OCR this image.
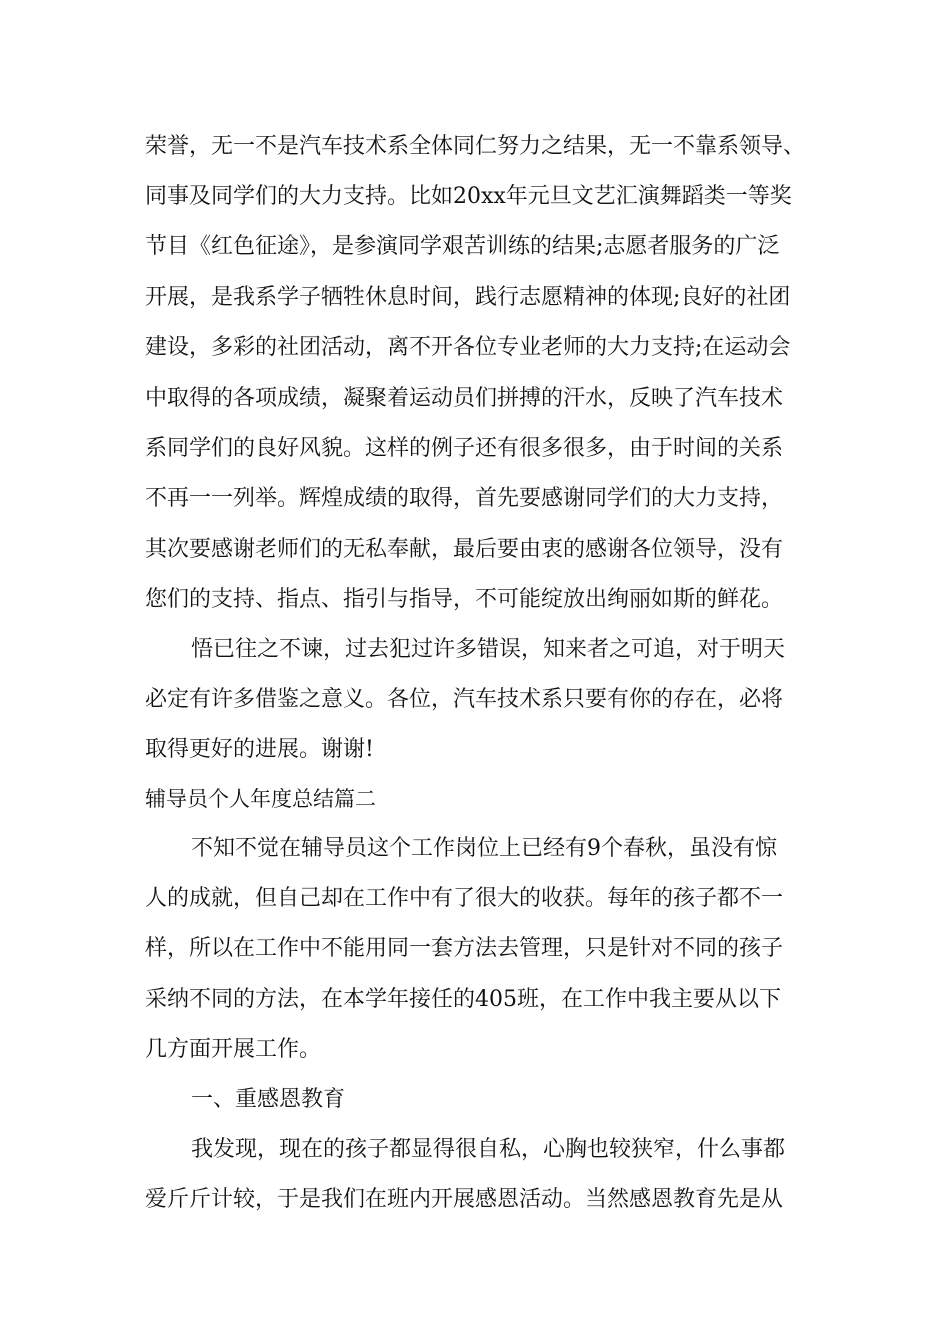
荣誉，无一不是汽车技术系全体同仁努力之结果，无一不靠系领导、
同事及同学们的大力支持。比如20xx年元旦文艺汇演舞蹈类一等奖
节目《红色征途》，是参演同学艰苦训练的结果;志愿者服务的广泛
开展，是我系学子牺牲休息时间，践行志愿精神的体现;良好的社团
建设，多彩的社团活动，离不开各位专业老师的大力支持;在运动会
中取得的各项成绩，凝聚着运动员们拼搏的汗水，反映了汽车技术
系同学们的良好风貌。这样的例子还有很多很多，由于时间的关系
不再一一列举。辉煌成绩的取得，首先要感谢同学们的大力支持，
其次要感谢老师们的无私奉献，最后要由衷的感谢各位领导，没有
您们的支持、指点、指引与指导，不可能绽放出绚丽如斯的鲜花。
悟已往之不谏，过去犯过许多错误，知来者之可追，对于明天
必定有许多借鉴之意义。各位，汽车技术系只要有你的存在，必将
取得更好的进展。谢谢!
辅导员个人年度总结篇二
不知不觉在辅导员这个工作岗位上已经有9个春秋，虽没有惊
人的成就，但自己却在工作中有了很大的收获。每年的孩子都不一
样，所以在工作中不能用同一套方法去管理，只是针对不同的孩子
采纳不同的方法，在本学年接任的405班，在工作中我主要从以下
几方面开展工作。
一、重感恩教育
我发现，现在的孩子都显得很自私，心胸也较狭窄，什么事都
爱斤斤计较，于是我们在班内开展感恩活动。当然感恩教育先是从
